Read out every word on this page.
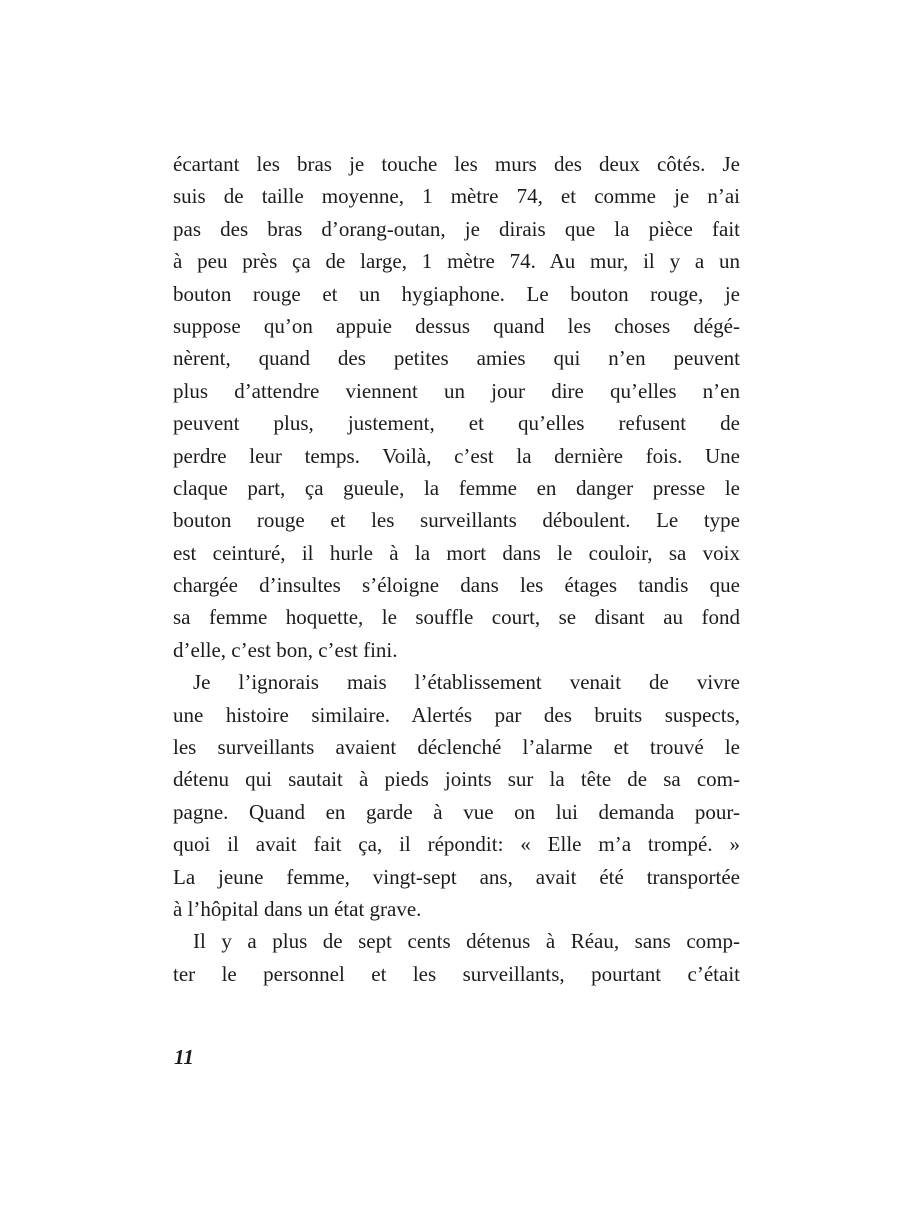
écartant les bras je touche les murs des deux côtés. Je
suis de taille moyenne, 1 mètre 74, et comme je n’ai
pas des bras d’orang-outan, je dirais que la pièce fait
à peu près ça de large, 1 mètre 74. Au mur, il y a un
bouton rouge et un hygiaphone. Le bouton rouge, je
suppose qu’on appuie dessus quand les choses dégé-
nèrent, quand des petites amies qui n’en peuvent
plus d’attendre viennent un jour dire qu’elles n’en
peuvent plus, justement, et qu’elles refusent de
perdre leur temps. Voilà, c’est la dernière fois. Une
claque part, ça gueule, la femme en danger presse le
bouton rouge et les surveillants déboulent. Le type
est ceinturé, il hurle à la mort dans le couloir, sa voix
chargée d’insultes s’éloigne dans les étages tandis que
sa femme hoquette, le souffle court, se disant au fond
d’elle, c’est bon, c’est fini.
Je l’ignorais mais l’établissement venait de vivre
une histoire similaire. Alertés par des bruits suspects,
les surveillants avaient déclenché l’alarme et trouvé le
détenu qui sautait à pieds joints sur la tête de sa com-
pagne. Quand en garde à vue on lui demanda pour-
quoi il avait fait ça, il répondit: « Elle m’a trompé. »
La jeune femme, vingt-sept ans, avait été transportée
à l’hôpital dans un état grave.
Il y a plus de sept cents détenus à Réau, sans comp-
ter le personnel et les surveillants, pourtant c’était
11
